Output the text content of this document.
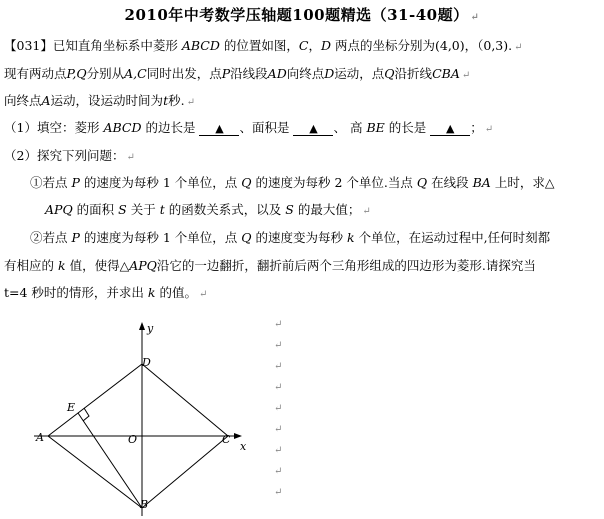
2010年中考数学压轴题100题精选（31-40题） ↵
【031】已知直角坐标系中菱形 ABCD 的位置如图，C，D 两点的坐标分别为(4,0)，（0,3). ↵
现有两动点P,Q分别从A,C同时出发，点P沿线段AD向终点D运动，点Q沿折线CBA ↵
向终点A运动，设运动时间为t秒. ↵
（1）填空：菱形 ABCD 的边长是 ▲ 、面积是 ▲ 、 高 BE 的长是 ▲ ； ↵
（2）探究下列问题： ↵
①若点 P 的速度为每秒 1 个单位，点 Q 的速度为每秒 2 个单位.当点 Q 在线段 BA 上时，求△
APQ 的面积 S 关于 t 的函数关系式，以及 S 的最大值； ↵
②若点 P 的速度为每秒 1 个单位，点 Q 的速度变为每秒 k 个单位，在运动过程中,任何时刻都
有相应的 k 值，使得△APQ沿它的一边翻折，翻折前后两个三角形组成的四边形为菱形.请探究当
t=4 秒时的情形，并求出 k 的值。 ↵
y
x
D
E
A	O	C
B
↵
↵
↵
↵
↵
↵
↵
↵
↵
